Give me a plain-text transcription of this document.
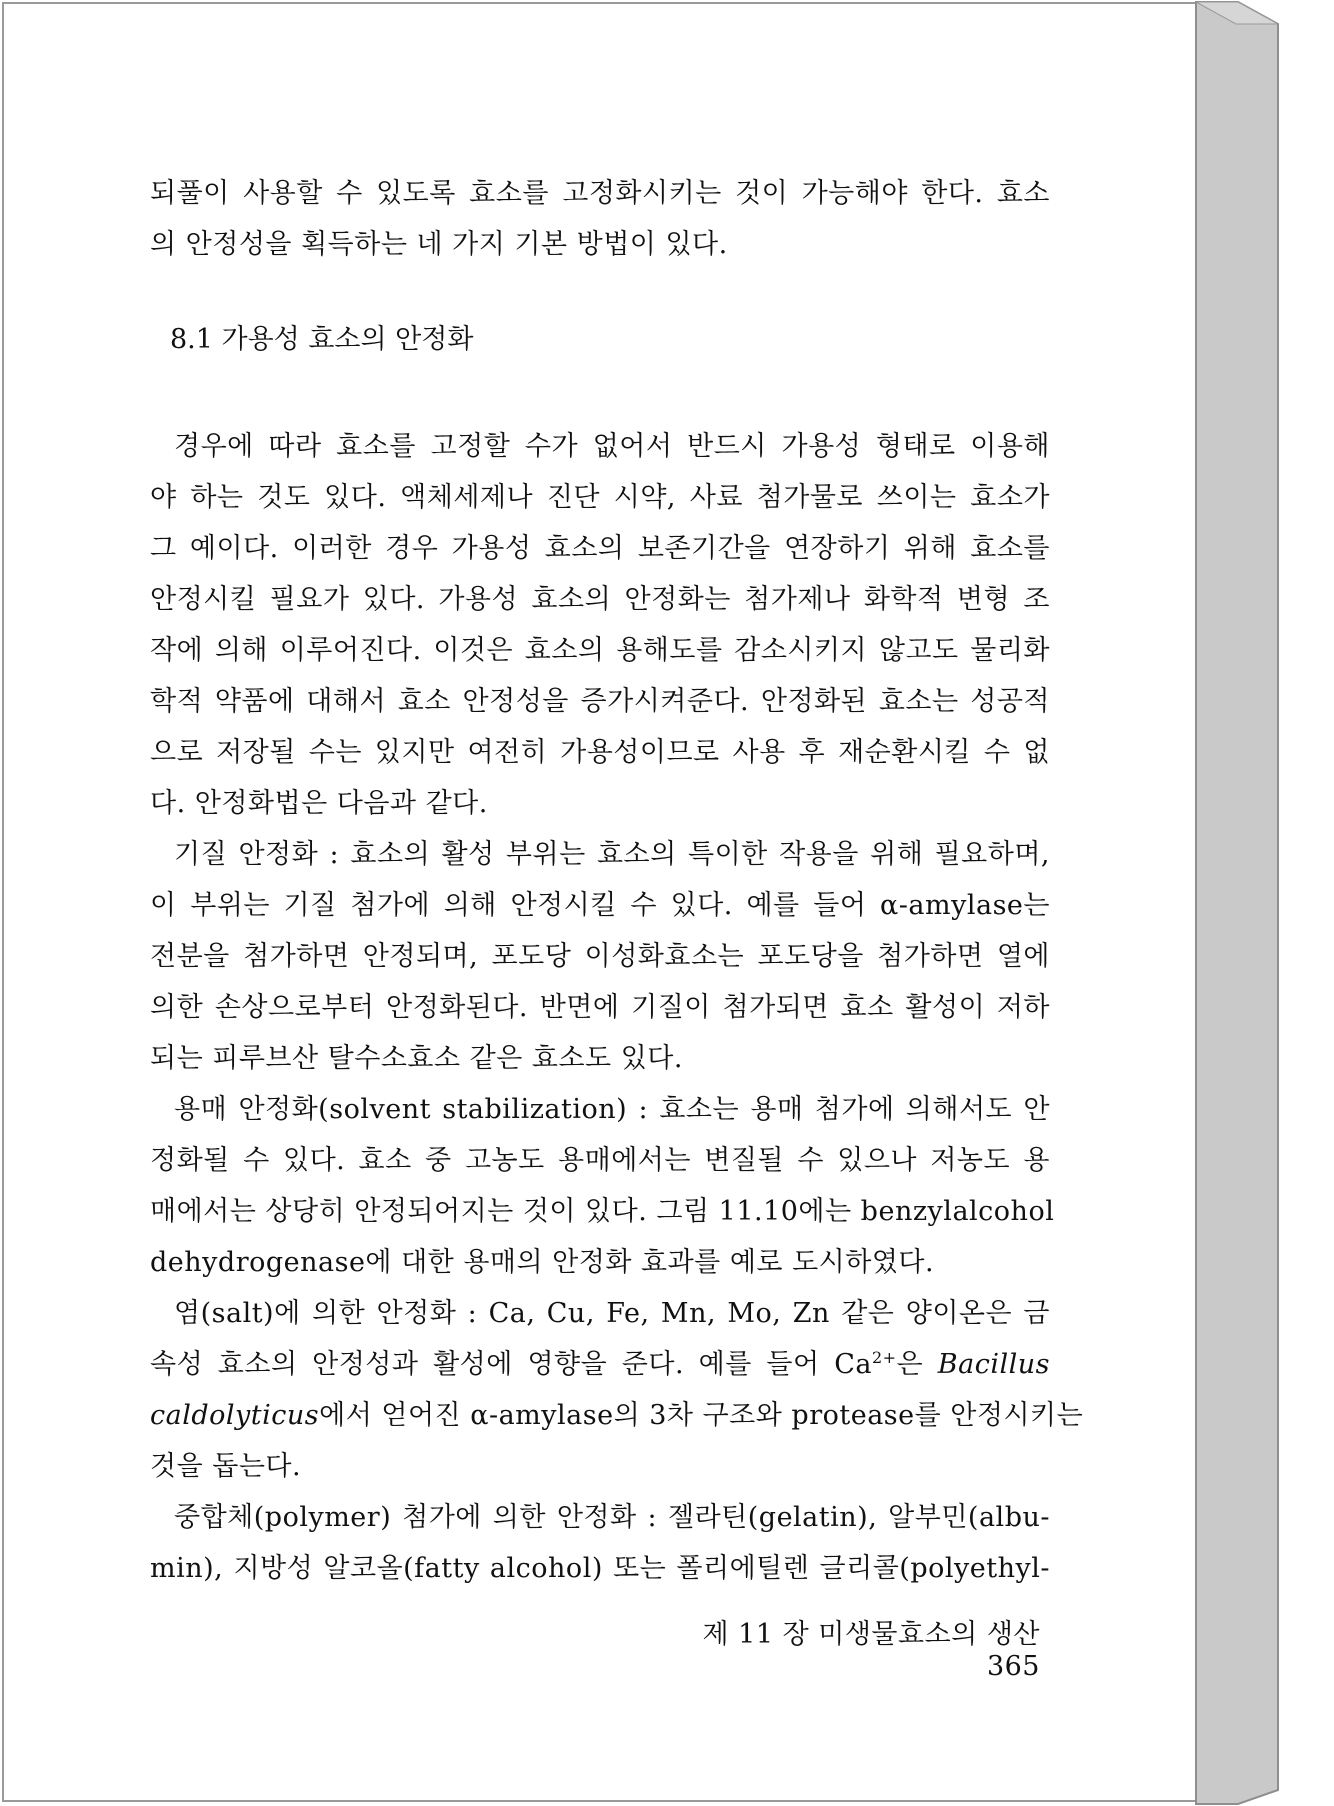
되풀이 사용할 수 있도록 효소를 고정화시키는 것이 가능해야 한다. 효소
의 안정성을 획득하는 네 가지 기본 방법이 있다.
8.1 가용성 효소의 안정화
경우에 따라 효소를 고정할 수가 없어서 반드시 가용성 형태로 이용해
야 하는 것도 있다. 액체세제나 진단 시약, 사료 첨가물로 쓰이는 효소가
그 예이다. 이러한 경우 가용성 효소의 보존기간을 연장하기 위해 효소를
안정시킬 필요가 있다. 가용성 효소의 안정화는 첨가제나 화학적 변형 조
작에 의해 이루어진다. 이것은 효소의 용해도를 감소시키지 않고도 물리화
학적 약품에 대해서 효소 안정성을 증가시켜준다. 안정화된 효소는 성공적
으로 저장될 수는 있지만 여전히 가용성이므로 사용 후 재순환시킬 수 없
다. 안정화법은 다음과 같다.
기질 안정화 : 효소의 활성 부위는 효소의 특이한 작용을 위해 필요하며,
이 부위는 기질 첨가에 의해 안정시킬 수 있다. 예를 들어 α-amylase는
전분을 첨가하면 안정되며, 포도당 이성화효소는 포도당을 첨가하면 열에
의한 손상으로부터 안정화된다. 반면에 기질이 첨가되면 효소 활성이 저하
되는 피루브산 탈수소효소 같은 효소도 있다.
용매 안정화(solvent stabilization) : 효소는 용매 첨가에 의해서도 안
정화될 수 있다. 효소 중 고농도 용매에서는 변질될 수 있으나 저농도 용
매에서는 상당히 안정되어지는 것이 있다. 그림 11.10에는 benzylalcohol
dehydrogenase에 대한 용매의 안정화 효과를 예로 도시하였다.
염(salt)에 의한 안정화 : Ca, Cu, Fe, Mn, Mo, Zn 같은 양이온은 금
속성 효소의 안정성과 활성에 영향을 준다. 예를 들어 $Ca^{2+}$은 Bacillus
caldolyticus에서 얻어진 α-amylase의 3차 구조와 protease를 안정시키는
것을 돕는다.
중합체(polymer) 첨가에 의한 안정화 : 젤라틴(gelatin), 알부민(albu-
min), 지방성 알코올(fatty alcohol) 또는 폴리에틸렌 글리콜(polyethyl-
제 11 장 미생물효소의 생산365
